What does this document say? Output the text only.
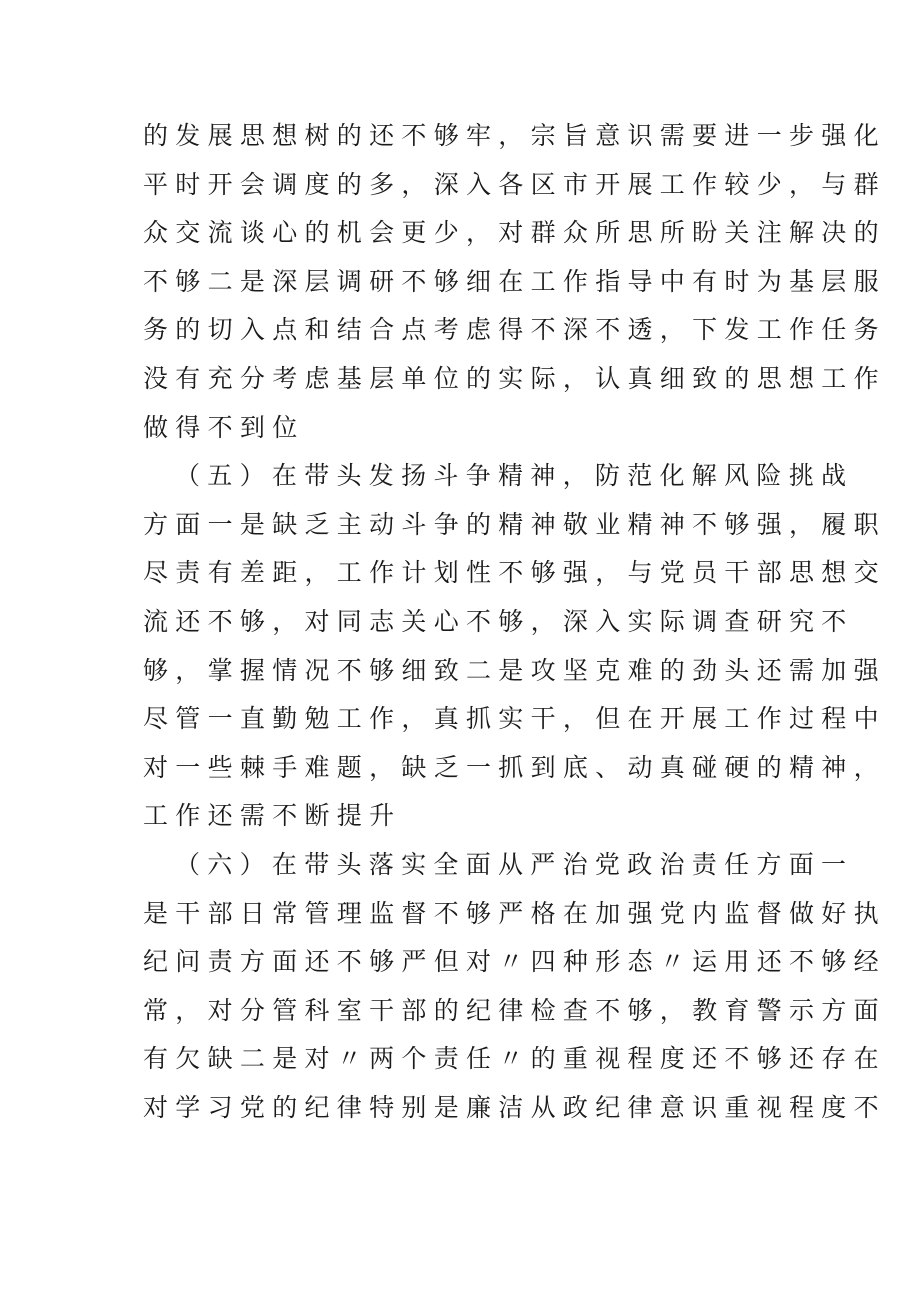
的发展思想树的还不够牢，宗旨意识需要进一步强化
平时开会调度的多，深入各区市开展工作较少，与群
众交流谈心的机会更少，对群众所思所盼关注解决的
不够二是深层调研不够细在工作指导中有时为基层服
务的切入点和结合点考虑得不深不透，下发工作任务
没有充分考虑基层单位的实际，认真细致的思想工作
做得不到位
（五）在带头发扬斗争精神，防范化解风险挑战
方面一是缺乏主动斗争的精神敬业精神不够强，履职
尽责有差距，工作计划性不够强，与党员干部思想交
流还不够，对同志关心不够，深入实际调查研究不
够，掌握情况不够细致二是攻坚克难的劲头还需加强
尽管一直勤勉工作，真抓实干，但在开展工作过程中
对一些棘手难题，缺乏一抓到底、动真碰硬的精神，
工作还需不断提升
（六）在带头落实全面从严治党政治责任方面一
是干部日常管理监督不够严格在加强党内监督做好执
纪问责方面还不够严但对〃四种形态〃运用还不够经
常，对分管科室干部的纪律检查不够，教育警示方面
有欠缺二是对〃两个责任〃的重视程度还不够还存在
对学习党的纪律特别是廉洁从政纪律意识重视程度不
